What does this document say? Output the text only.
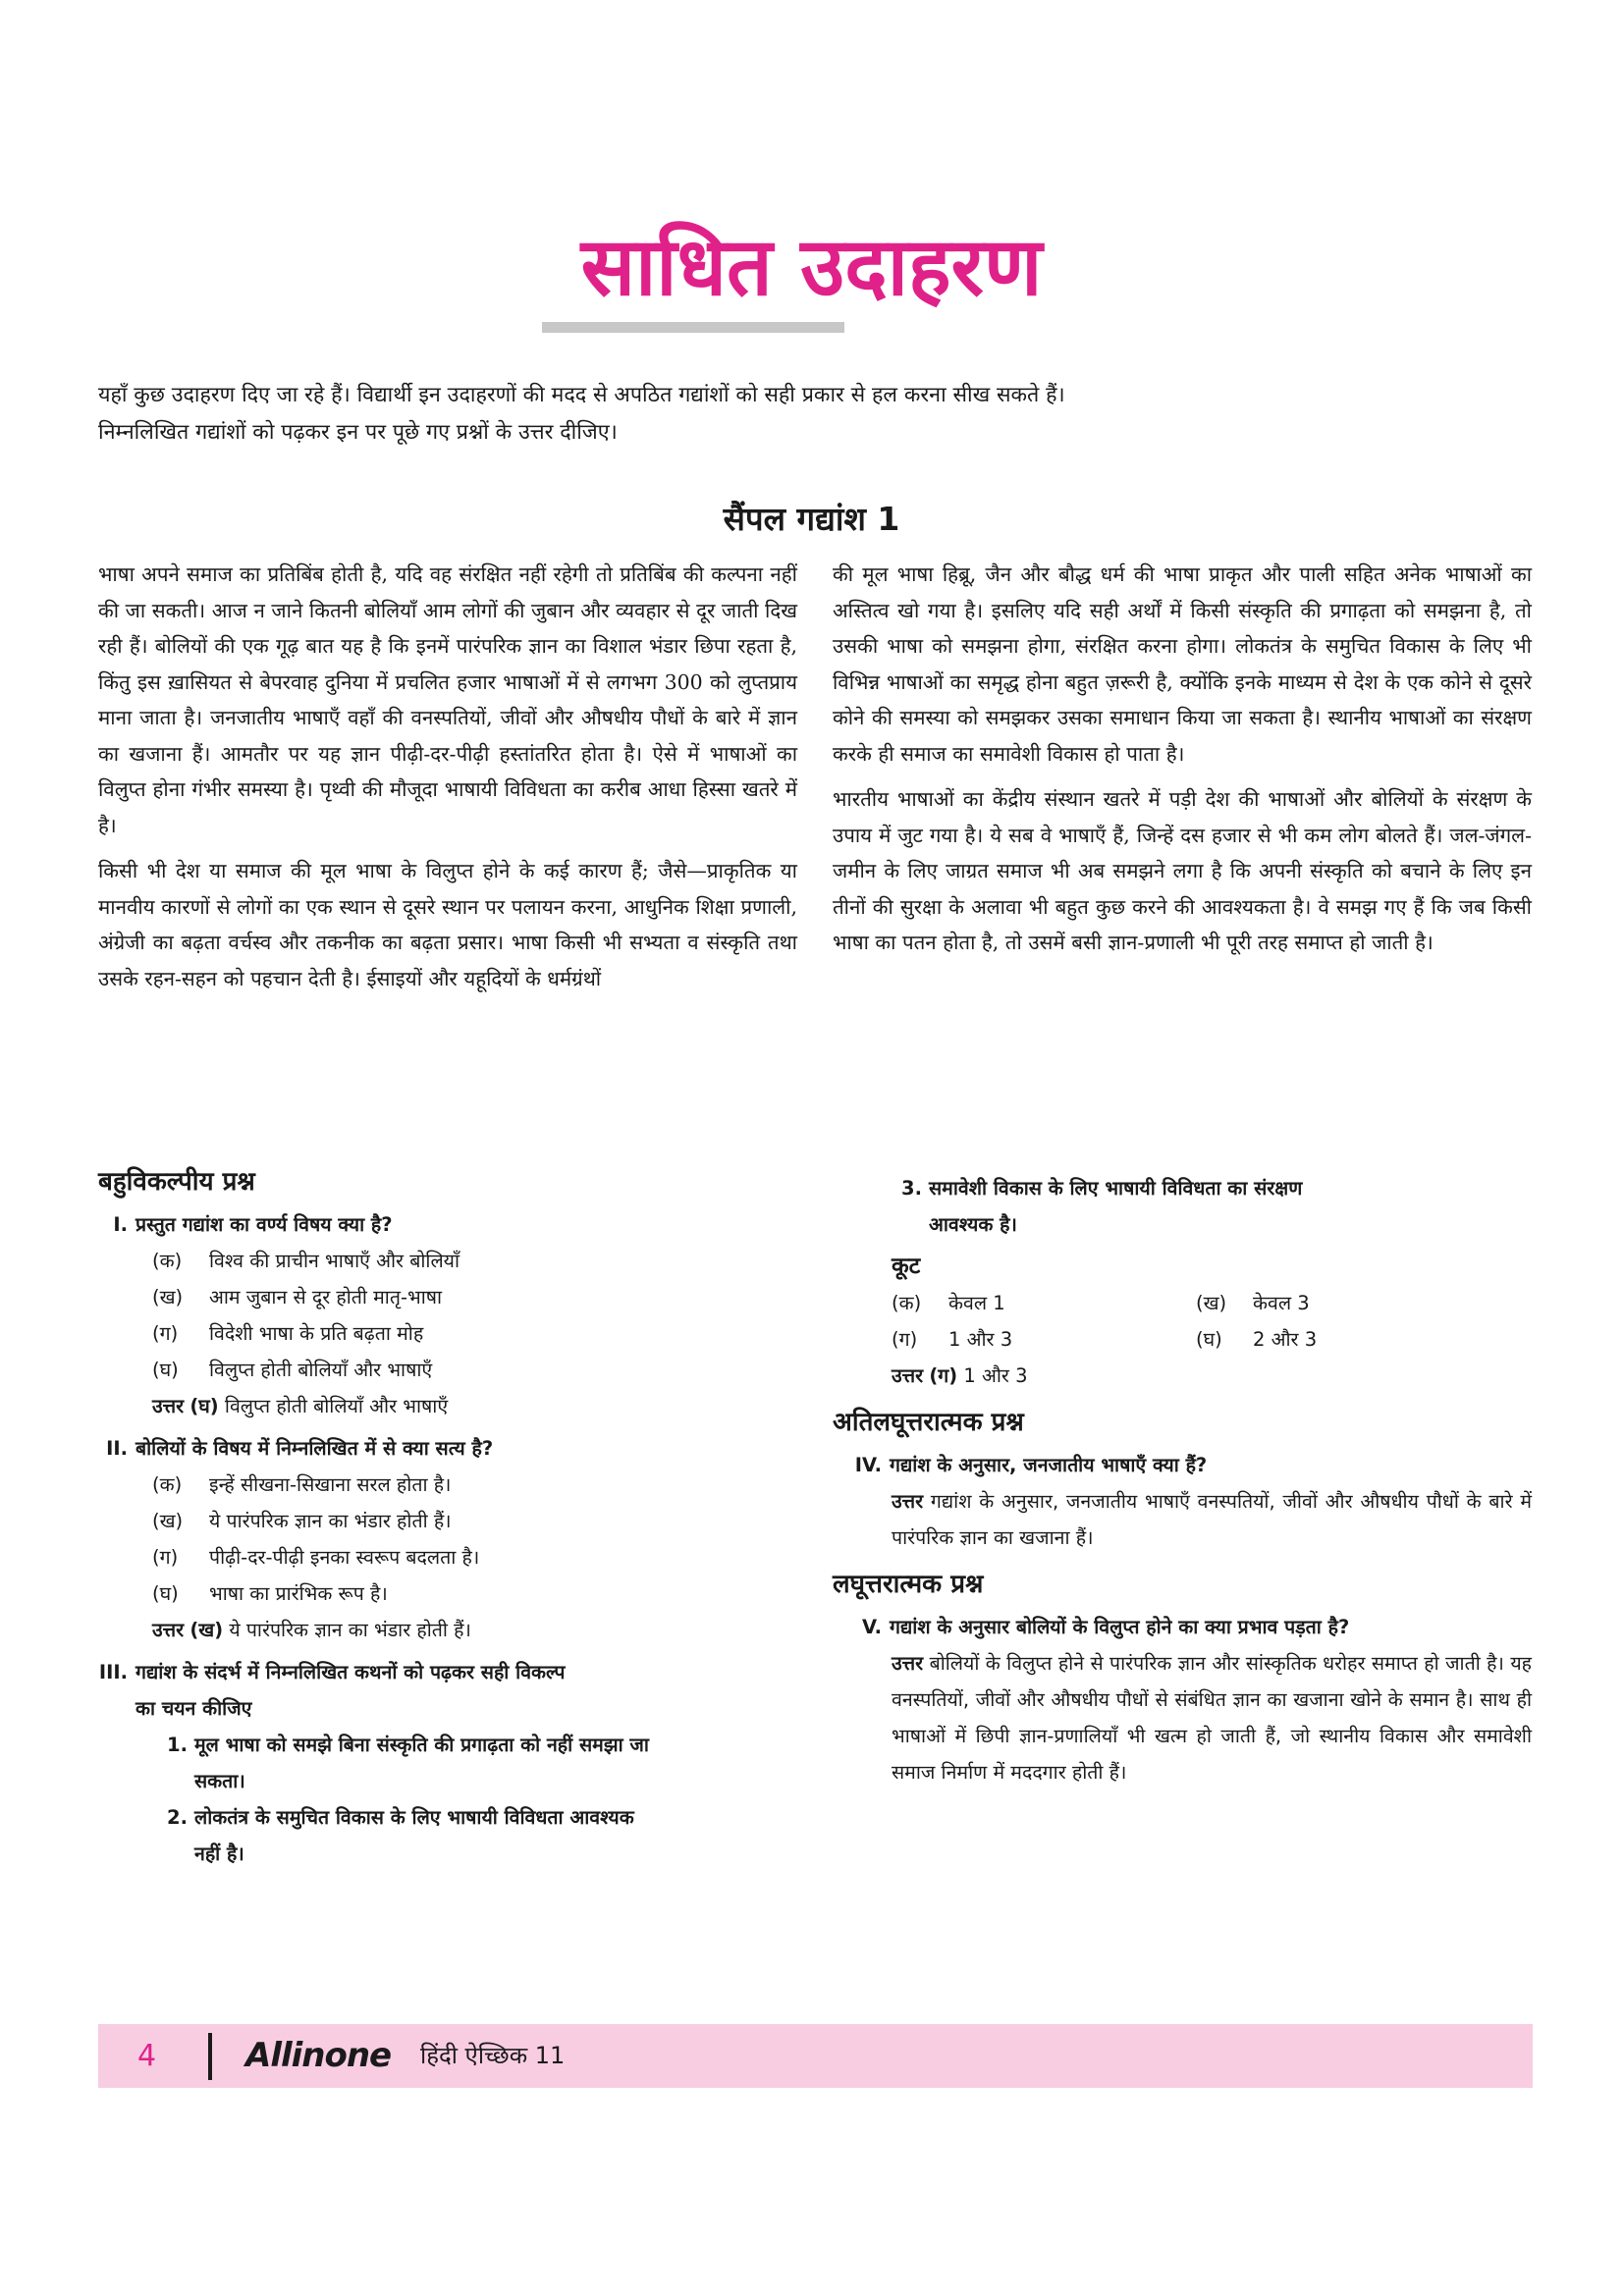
साधित उदाहरण

यहाँ कुछ उदाहरण दिए जा रहे हैं। विद्यार्थी इन उदाहरणों की मदद से अपठित गद्यांशों को सही प्रकार से हल करना सीख सकते हैं।

निम्नलिखित गद्यांशों को पढ़कर इन पर पूछे गए प्रश्नों के उत्तर दीजिए।

सैंपल गद्यांश 1

भाषा अपने समाज का प्रतिबिंब होती है, यदि वह संरक्षित नहीं रहेगी तो प्रतिबिंब की कल्पना नहीं की जा सकती। आज न जाने कितनी बोलियाँ आम लोगों की जुबान और व्यवहार से दूर जाती दिख रही हैं। बोलियों की एक गूढ़ बात यह है कि इनमें पारंपरिक ज्ञान का विशाल भंडार छिपा रहता है, किंतु इस ख़ासियत से बेपरवाह दुनिया में प्रचलित हजार भाषाओं में से लगभग 300 को लुप्तप्राय माना जाता है। जनजातीय भाषाएँ वहाँ की वनस्पतियों, जीवों और औषधीय पौधों के बारे में ज्ञान का खजाना हैं। आमतौर पर यह ज्ञान पीढ़ी-दर-पीढ़ी हस्तांतरित होता है। ऐसे में भाषाओं का विलुप्त होना गंभीर समस्या है। पृथ्वी की मौजूदा भाषायी विविधता का करीब आधा हिस्सा खतरे में है।

किसी भी देश या समाज की मूल भाषा के विलुप्त होने के कई कारण हैं; जैसे—प्राकृतिक या मानवीय कारणों से लोगों का एक स्थान से दूसरे स्थान पर पलायन करना, आधुनिक शिक्षा प्रणाली, अंग्रेजी का बढ़ता वर्चस्व और तकनीक का बढ़ता प्रसार। भाषा किसी भी सभ्यता व संस्कृति तथा उसके रहन-सहन को पहचान देती है। ईसाइयों और यहूदियों के धर्मग्रंथों

की मूल भाषा हिब्रू, जैन और बौद्ध धर्म की भाषा प्राकृत और पाली सहित अनेक भाषाओं का अस्तित्व खो गया है। इसलिए यदि सही अर्थों में किसी संस्कृति की प्रगाढ़ता को समझना है, तो उसकी भाषा को समझना होगा, संरक्षित करना होगा। लोकतंत्र के समुचित विकास के लिए भी विभिन्न भाषाओं का समृद्ध होना बहुत ज़रूरी है, क्योंकि इनके माध्यम से देश के एक कोने से दूसरे कोने की समस्या को समझकर उसका समाधान किया जा सकता है। स्थानीय भाषाओं का संरक्षण करके ही समाज का समावेशी विकास हो पाता है।

भारतीय भाषाओं का केंद्रीय संस्थान खतरे में पड़ी देश की भाषाओं और बोलियों के संरक्षण के उपाय में जुट गया है। ये सब वे भाषाएँ हैं, जिन्हें दस हजार से भी कम लोग बोलते हैं। जल-जंगल-जमीन के लिए जाग्रत समाज भी अब समझने लगा है कि अपनी संस्कृति को बचाने के लिए इन तीनों की सुरक्षा के अलावा भी बहुत कुछ करने की आवश्यकता है। वे समझ गए हैं कि जब किसी भाषा का पतन होता है, तो उसमें बसी ज्ञान-प्रणाली भी पूरी तरह समाप्त हो जाती है।

बहुविकल्पीय प्रश्न
I. प्रस्तुत गद्यांश का वर्ण्य विषय क्या है?
(क) विश्व की प्राचीन भाषाएँ और बोलियाँ
(ख) आम जुबान से दूर होती मातृ-भाषा
(ग) विदेशी भाषा के प्रति बढ़ता मोह
(घ) विलुप्त होती बोलियाँ और भाषाएँ
उत्तर (घ) विलुप्त होती बोलियाँ और भाषाएँ
II. बोलियों के विषय में निम्नलिखित में से क्या सत्य है?
(क) इन्हें सीखना-सिखाना सरल होता है।
(ख) ये पारंपरिक ज्ञान का भंडार होती हैं।
(ग) पीढ़ी-दर-पीढ़ी इनका स्वरूप बदलता है।
(घ) भाषा का प्रारंभिक रूप है।
उत्तर (ख) ये पारंपरिक ज्ञान का भंडार होती हैं।
III. गद्यांश के संदर्भ में निम्नलिखित कथनों को पढ़कर सही विकल्प
का चयन कीजिए
1. मूल भाषा को समझे बिना संस्कृति की प्रगाढ़ता को नहीं समझा जा
सकता।
2. लोकतंत्र के समुचित विकास के लिए भाषायी विविधता आवश्यक
नहीं है।
3. समावेशी विकास के लिए भाषायी विविधता का संरक्षण
आवश्यक है।
कूट
(क) केवल 1	(ख) केवल 3
(ग) 1 और 3	(घ) 2 और 3
उत्तर (ग) 1 और 3
अतिलघूत्तरात्मक प्रश्न
IV. गद्यांश के अनुसार, जनजातीय भाषाएँ क्या हैं?
उत्तर गद्यांश के अनुसार, जनजातीय भाषाएँ वनस्पतियों, जीवों और औषधीय पौधों के बारे में पारंपरिक ज्ञान का खजाना हैं।
लघूत्तरात्मक प्रश्न
V. गद्यांश के अनुसार बोलियों के विलुप्त होने का क्या प्रभाव पड़ता है?
उत्तर बोलियों के विलुप्त होने से पारंपरिक ज्ञान और सांस्कृतिक धरोहर समाप्त हो जाती है। यह वनस्पतियों, जीवों और औषधीय पौधों से संबंधित ज्ञान का खजाना खोने के समान है। साथ ही भाषाओं में छिपी ज्ञान-प्रणालियाँ भी खत्म हो जाती हैं, जो स्थानीय विकास और समावेशी समाज निर्माण में मददगार होती हैं।
4	Allinone हिंदी ऐच्छिक 11
